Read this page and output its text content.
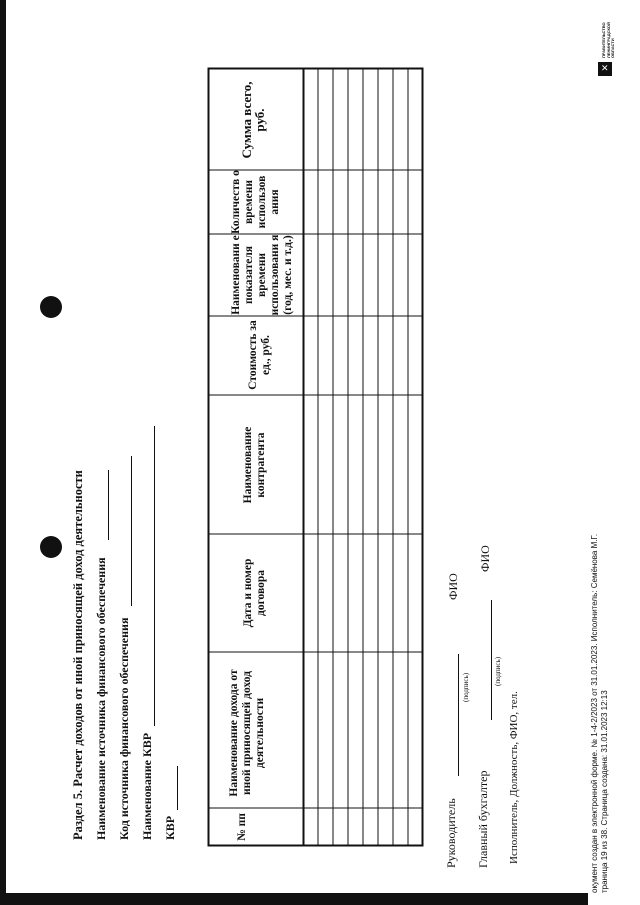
Раздел 5. Расчет доходов от иной приносящей доход деятельности Наименование источника финансового обеспечения Код источника финансового обеспечения Наименование КВР КВР	№ пп
Наименование дохода от иной приносящей доход деятельности
Дата и номер договора
Наименование контрагента
Стоимость за ед., руб.
Наименовани е показателя времени использовани я (год, мес. и т.д.)
Количеств о времени использов ания
Сумма всего, руб.
Руководитель
(подпись)
ФИО
Главный бухгалтер
(подпись)
ФИО
Исполнитель, Должность, ФИО, тел.	окумент создан в электронной форме. № 1-4-2/2023 от 31.01.2023. Исполнитель: Семёнова М.Г. траница 19 из 38. Страница создана: 31.01.2023 12:13
✕
ПРАВИТЕЛЬСТВО ЛЕНИНГРАДСКОЙ ОБЛАСТИ
